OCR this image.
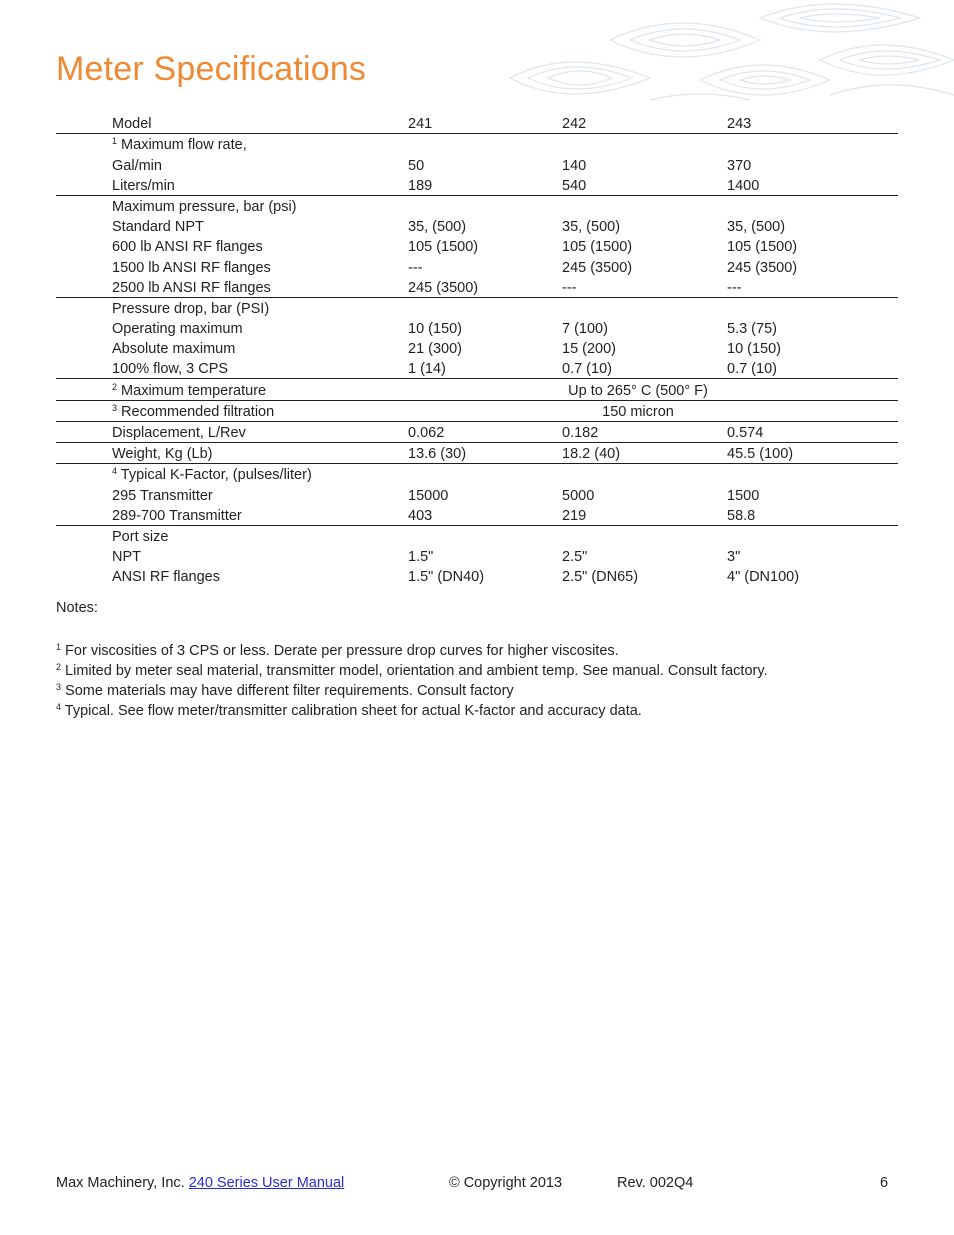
Meter Specifications
Model	241	242	243
$^1$ Maximum flow rate,			
Gal/min	50	140	370
Liters/min	189	540	1400
Maximum pressure, bar (psi)			
Standard NPT	35, (500)	35, (500)	35, (500)
600 lb ANSI RF flanges	105 (1500)	105 (1500)	105 (1500)
1500 lb ANSI RF flanges	---	245 (3500)	245 (3500)
2500 lb ANSI RF flanges	245 (3500)	---	---
Pressure drop, bar (PSI)			
Operating maximum	10 (150)	7 (100)	5.3 (75)
Absolute maximum	21 (300)	15 (200)	10 (150)
100% flow, 3 CPS	1 (14)	0.7 (10)	0.7 (10)
$^2$ Maximum temperature	Up to 265° C (500° F)		
$^3$ Recommended filtration	150 micron		
Displacement, L/Rev	0.062	0.182	0.574
Weight, Kg (Lb)	13.6 (30)	18.2 (40)	45.5 (100)
$^4$ Typical K-Factor, (pulses/liter)			
295 Transmitter	15000	5000	1500
289-700 Transmitter	403	219	58.8
Port size			
NPT	1.5"	2.5"	3"
ANSI RF flanges	1.5" (DN40)	2.5" (DN65)	4" (DN100)

Notes:

$^1$ For viscosities of 3 CPS or less. Derate per pressure drop curves for higher viscosites.
$^2$ Limited by meter seal material, transmitter model, orientation and ambient temp. See manual. Consult factory.
$^3$ Some materials may have different filter requirements. Consult factory
$^4$ Typical. See flow meter/transmitter calibration sheet for actual K-factor and accuracy data.
Max Machinery, Inc. 240 Series User Manual	© Copyright 2013	Rev. 002Q4	6
